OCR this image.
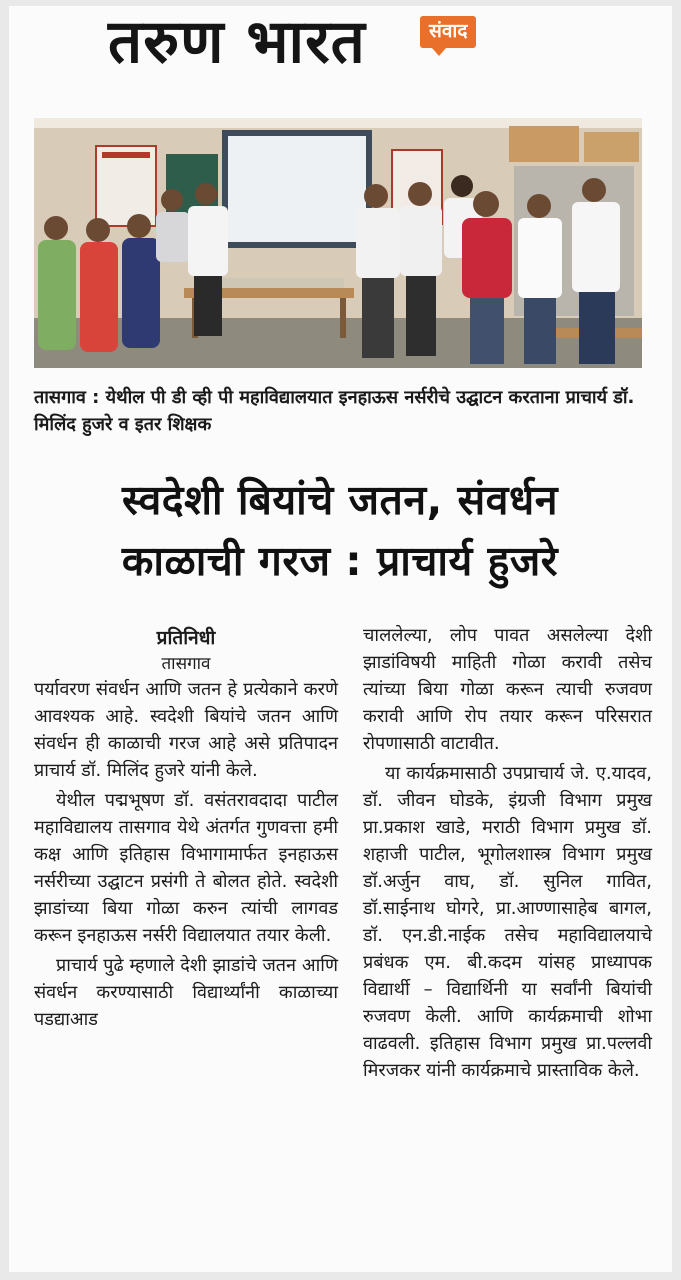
तरुण भारत	संवाद
तासगाव : येथील पी डी व्ही पी महाविद्यालयात इनहाऊस नर्सरीचे उद्घाटन करताना प्राचार्य डॉ. मिलिंद हुजरे व इतर शिक्षक
स्वदेशी बियांचे जतन, संवर्धन
काळाची गरज : प्राचार्य हुजरे
प्रतिनिधी
तासगाव

पर्यावरण संवर्धन आणि जतन हे प्रत्येकाने करणे आवश्यक आहे. स्वदेशी बियांचे जतन आणि संवर्धन ही काळाची गरज आहे असे प्रतिपादन प्राचार्य डॉ. मिलिंद हुजरे यांनी केले.

येथील पद्मभूषण डॉ. वसंतरावदादा पाटील महाविद्यालय तासगाव येथे अंतर्गत गुणवत्ता हमी कक्ष आणि इतिहास विभागामार्फत इनहाऊस नर्सरीच्या उद्घाटन प्रसंगी ते बोलत होते. स्वदेशी झाडांच्या बिया गोळा करुन त्यांची लागवड करून इनहाऊस नर्सरी विद्यालयात तयार केली.

प्राचार्य पुढे म्हणाले देशी झाडांचे जतन आणि संवर्धन करण्यासाठी विद्यार्थ्यांनी काळाच्या पडद्याआड

चाललेल्या, लोप पावत असलेल्या देशी झाडांविषयी माहिती गोळा करावी तसेच त्यांच्या बिया गोळा करून त्याची रुजवण करावी आणि रोप तयार करून परिसरात रोपणासाठी वाटावीत.

या कार्यक्रमासाठी उपप्राचार्य जे. ए.यादव, डॉ. जीवन घोडके, इंग्रजी विभाग प्रमुख प्रा.प्रकाश खाडे, मराठी विभाग प्रमुख डॉ. शहाजी पाटील, भूगोलशास्त्र विभाग प्रमुख डॉ.अर्जुन वाघ, डॉ. सुनिल गावित, डॉ.साईनाथ घोगरे, प्रा.आण्णासाहेब बागल, डॉ. एन.डी.नाईक तसेच महाविद्यालयाचे प्रबंधक एम. बी.कदम यांसह प्राध्यापक विद्यार्थी – विद्यार्थिनी या सर्वांनी बियांची रुजवण केली. आणि कार्यक्रमाची शोभा वाढवली. इतिहास विभाग प्रमुख प्रा.पल्लवी मिरजकर यांनी कार्यक्रमाचे प्रास्ताविक केले.
